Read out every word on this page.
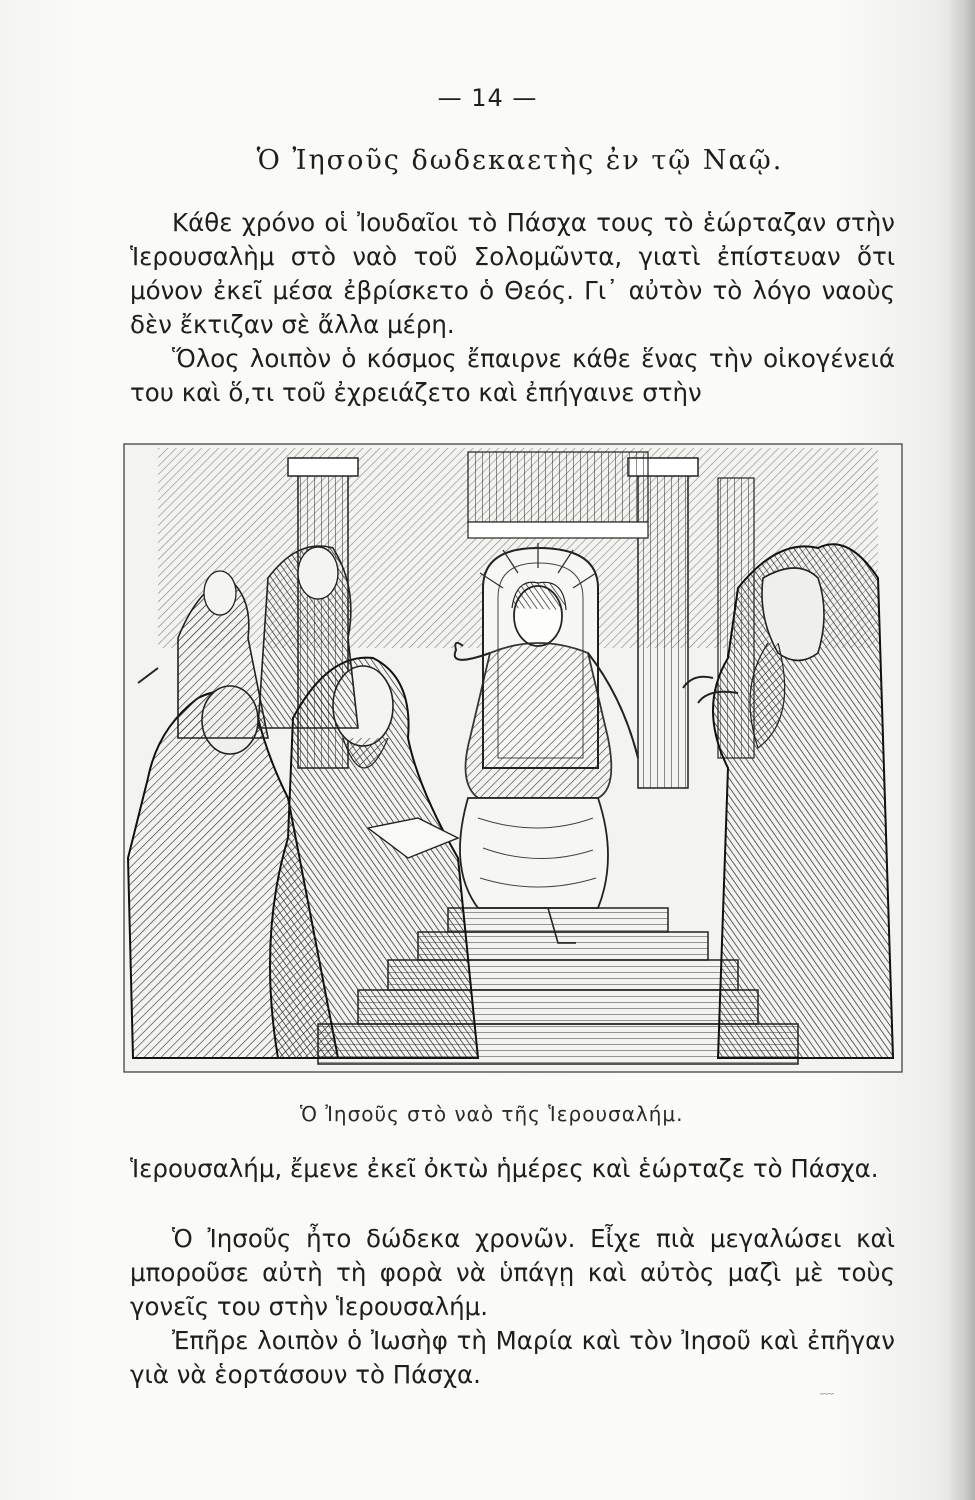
— 14 —
Ὁ Ἰησοῦς δωδεκαετὴς ἐν τῷ Ναῷ.

Κάθε χρόνο οἱ Ἰουδαῖοι τὸ Πάσχα τους τὸ ἑώρταζαν στὴν Ἱερουσαλὴμ στὸ ναὸ τοῦ Σολομῶντα, γιατὶ ἐπίστευαν ὅτι μόνον ἐκεῖ μέσα ἐβρίσκετο ὁ Θεός. Γι᾽ αὐτὸν τὸ λόγο ναοὺς δὲν ἔκτιζαν σὲ ἄλλα μέρη.

Ὅλος λοιπὸν ὁ κόσμος ἔπαιρνε κάθε ἕνας τὴν οἰκογένειά του καὶ ὅ,τι τοῦ ἐχρειάζετο καὶ ἐπήγαινε στὴν

Ὁ Ἰησοῦς στὸ ναὸ τῆς Ἱερουσαλήμ.

Ἱερουσαλήμ, ἔμενε ἐκεῖ ὀκτὼ ἡμέρες καὶ ἑώρταζε τὸ Πάσχα.

Ὁ Ἰησοῦς ἦτο δώδεκα χρονῶν. Εἶχε πιὰ μεγαλώσει καὶ μποροῦσε αὐτὴ τὴ φορὰ νὰ ὑπάγῃ καὶ αὐτὸς μαζὶ μὲ τοὺς γονεῖς του στὴν Ἱερουσαλήμ.

Ἐπῆρε λοιπὸν ὁ Ἰωσὴφ τὴ Μαρία καὶ τὸν Ἰησοῦ καὶ ἐπῆγαν γιὰ νὰ ἑορτάσουν τὸ Πάσχα.	﹏
